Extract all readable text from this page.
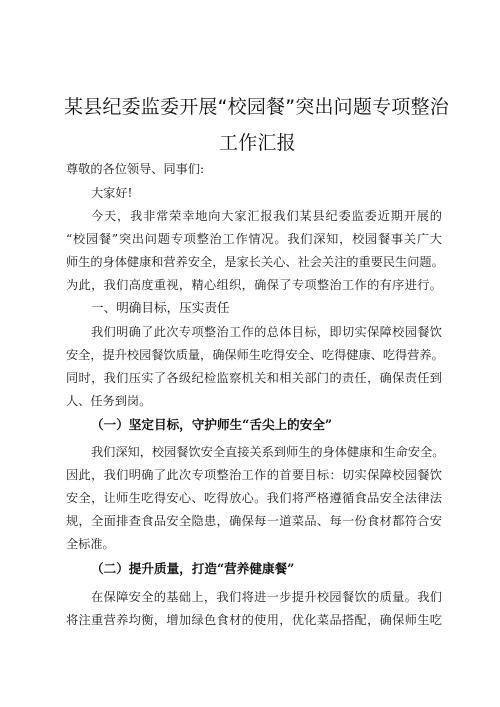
某县纪委监委开展“校园餐”突出问题专项整治
工作汇报
尊敬的各位领导、同事们:
大家好!
今天，我非常荣幸地向大家汇报我们某县纪委监委近期开展的
“校园餐”突出问题专项整治工作情况。我们深知，校园餐事关广大
师生的身体健康和营养安全，是家长关心、社会关注的重要民生问题。
为此，我们高度重视，精心组织，确保了专项整治工作的有序进行。
一、明确目标，压实责任
我们明确了此次专项整治工作的总体目标，即切实保障校园餐饮
安全，提升校园餐饮质量，确保师生吃得安全、吃得健康、吃得营养。
同时，我们压实了各级纪检监察机关和相关部门的责任，确保责任到
人、任务到岗。
（一）坚定目标，守护师生“舌尖上的安全”
我们深知，校园餐饮安全直接关系到师生的身体健康和生命安全。
因此，我们明确了此次专项整治工作的首要目标：切实保障校园餐饮
安全，让师生吃得安心、吃得放心。我们将严格遵循食品安全法律法
规，全面排查食品安全隐患，确保每一道菜品、每一份食材都符合安
全标准。
（二）提升质量，打造“营养健康餐”
在保障安全的基础上，我们将进一步提升校园餐饮的质量。我们
将注重营养均衡，增加绿色食材的使用，优化菜品搭配，确保师生吃
